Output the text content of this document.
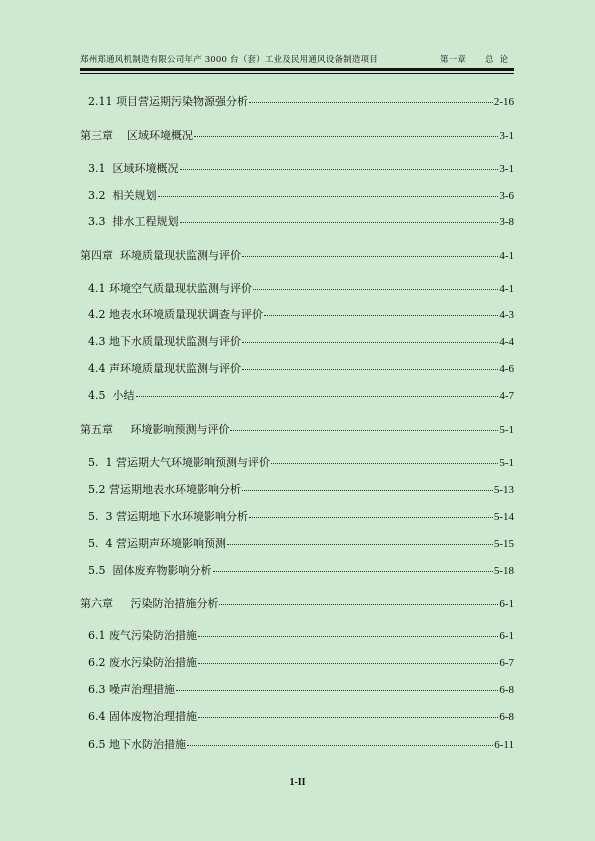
郑州郑通风机制造有限公司年产 3000 台（套）工业及民用通风设备制造项目	第一章 总论
2.11 项目营运期污染物源强分析	2-16
第三章    区域环境概况	3-1
3.1  区域环境概况	3-1
3.2  相关规划	3-6
3.3  排水工程规划	3-8
第四章  环境质量现状监测与评价	4-1
4.1 环境空气质量现状监测与评价	4-1
4.2 地表水环境质量现状调查与评价	4-3
4.3 地下水质量现状监测与评价	4-4
4.4 声环境质量现状监测与评价	4-6
4.5  小结	4-7
第五章     环境影响预测与评价	5-1
5.  1 营运期大气环境影响预测与评价	5-1
5.2 营运期地表水环境影响分析	5-13
5.  3 营运期地下水环境影响分析	5-14
5.  4 营运期声环境影响预测	5-15
5.5  固体废弃物影响分析	5-18
第六章     污染防治措施分析	6-1
6.1 废气污染防治措施	6-1
6.2 废水污染防治措施	6-7
6.3 噪声治理措施	6-8
6.4 固体废物治理措施	6-8
6.5 地下水防治措施	6-11
1-II
